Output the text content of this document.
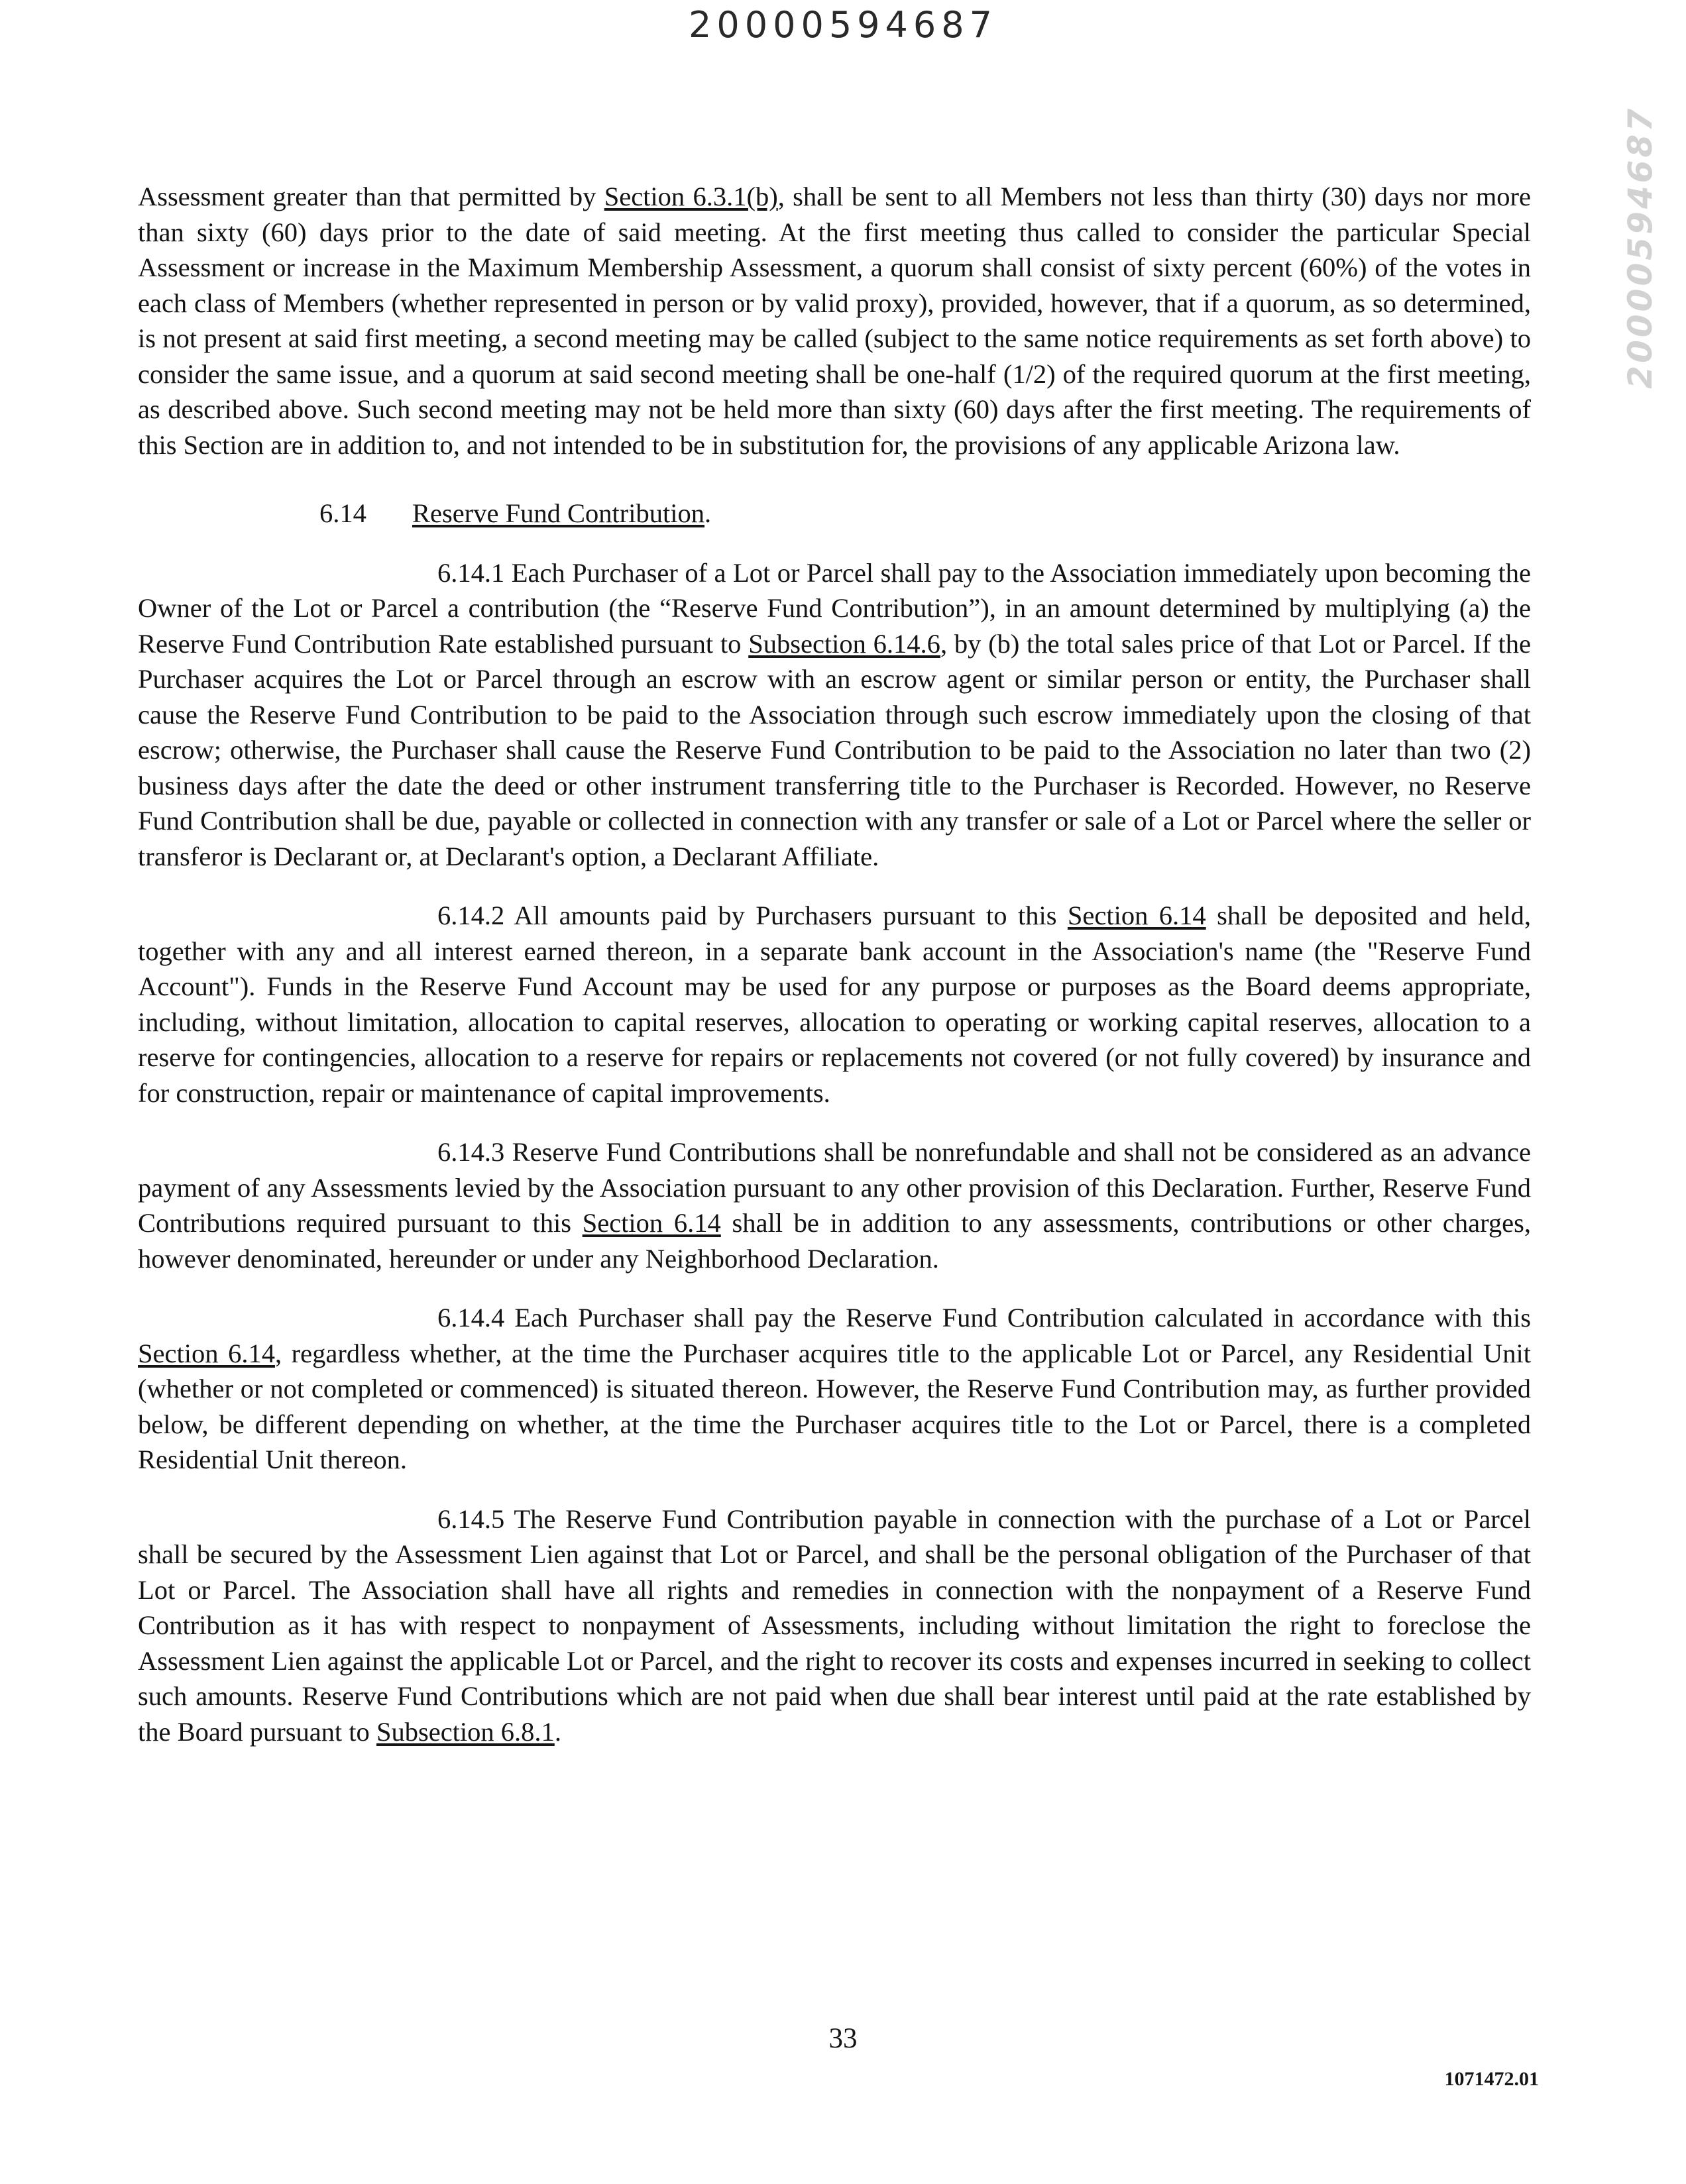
20000594687
20000594687

Assessment greater than that permitted by Section 6.3.1(b), shall be sent to all Members not less than thirty (30) days nor more than sixty (60) days prior to the date of said meeting. At the first meeting thus called to consider the particular Special Assessment or increase in the Maximum Membership Assessment, a quorum shall consist of sixty percent (60%) of the votes in each class of Members (whether represented in person or by valid proxy), provided, however, that if a quorum, as so determined, is not present at said first meeting, a second meeting may be called (subject to the same notice requirements as set forth above) to consider the same issue, and a quorum at said second meeting shall be one-half (1/2) of the required quorum at the first meeting, as described above. Such second meeting may not be held more than sixty (60) days after the first meeting. The requirements of this Section are in addition to, and not intended to be in substitution for, the provisions of any applicable Arizona law.

6.14 Reserve Fund Contribution.

6.14.1 Each Purchaser of a Lot or Parcel shall pay to the Association immediately upon becoming the Owner of the Lot or Parcel a contribution (the “Reserve Fund Contribution”), in an amount determined by multiplying (a) the Reserve Fund Contribution Rate established pursuant to Subsection 6.14.6, by (b) the total sales price of that Lot or Parcel. If the Purchaser acquires the Lot or Parcel through an escrow with an escrow agent or similar person or entity, the Purchaser shall cause the Reserve Fund Contribution to be paid to the Association through such escrow immediately upon the closing of that escrow; otherwise, the Purchaser shall cause the Reserve Fund Contribution to be paid to the Association no later than two (2) business days after the date the deed or other instrument transferring title to the Purchaser is Recorded. However, no Reserve Fund Contribution shall be due, payable or collected in connection with any transfer or sale of a Lot or Parcel where the seller or transferor is Declarant or, at Declarant's option, a Declarant Affiliate.

6.14.2 All amounts paid by Purchasers pursuant to this Section 6.14 shall be deposited and held, together with any and all interest earned thereon, in a separate bank account in the Association's name (the "Reserve Fund Account"). Funds in the Reserve Fund Account may be used for any purpose or purposes as the Board deems appropriate, including, without limitation, allocation to capital reserves, allocation to operating or working capital reserves, allocation to a reserve for contingencies, allocation to a reserve for repairs or replacements not covered (or not fully covered) by insurance and for construction, repair or maintenance of capital improvements.

6.14.3 Reserve Fund Contributions shall be nonrefundable and shall not be considered as an advance payment of any Assessments levied by the Association pursuant to any other provision of this Declaration. Further, Reserve Fund Contributions required pursuant to this Section 6.14 shall be in addition to any assessments, contributions or other charges, however denominated, hereunder or under any Neighborhood Declaration.

6.14.4 Each Purchaser shall pay the Reserve Fund Contribution calculated in accordance with this Section 6.14, regardless whether, at the time the Purchaser acquires title to the applicable Lot or Parcel, any Residential Unit (whether or not completed or commenced) is situated thereon. However, the Reserve Fund Contribution may, as further provided below, be different depending on whether, at the time the Purchaser acquires title to the Lot or Parcel, there is a completed Residential Unit thereon.

6.14.5 The Reserve Fund Contribution payable in connection with the purchase of a Lot or Parcel shall be secured by the Assessment Lien against that Lot or Parcel, and shall be the personal obligation of the Purchaser of that Lot or Parcel. The Association shall have all rights and remedies in connection with the nonpayment of a Reserve Fund Contribution as it has with respect to nonpayment of Assessments, including without limitation the right to foreclose the Assessment Lien against the applicable Lot or Parcel, and the right to recover its costs and expenses incurred in seeking to collect such amounts. Reserve Fund Contributions which are not paid when due shall bear interest until paid at the rate established by the Board pursuant to Subsection 6.8.1.

33
1071472.01
